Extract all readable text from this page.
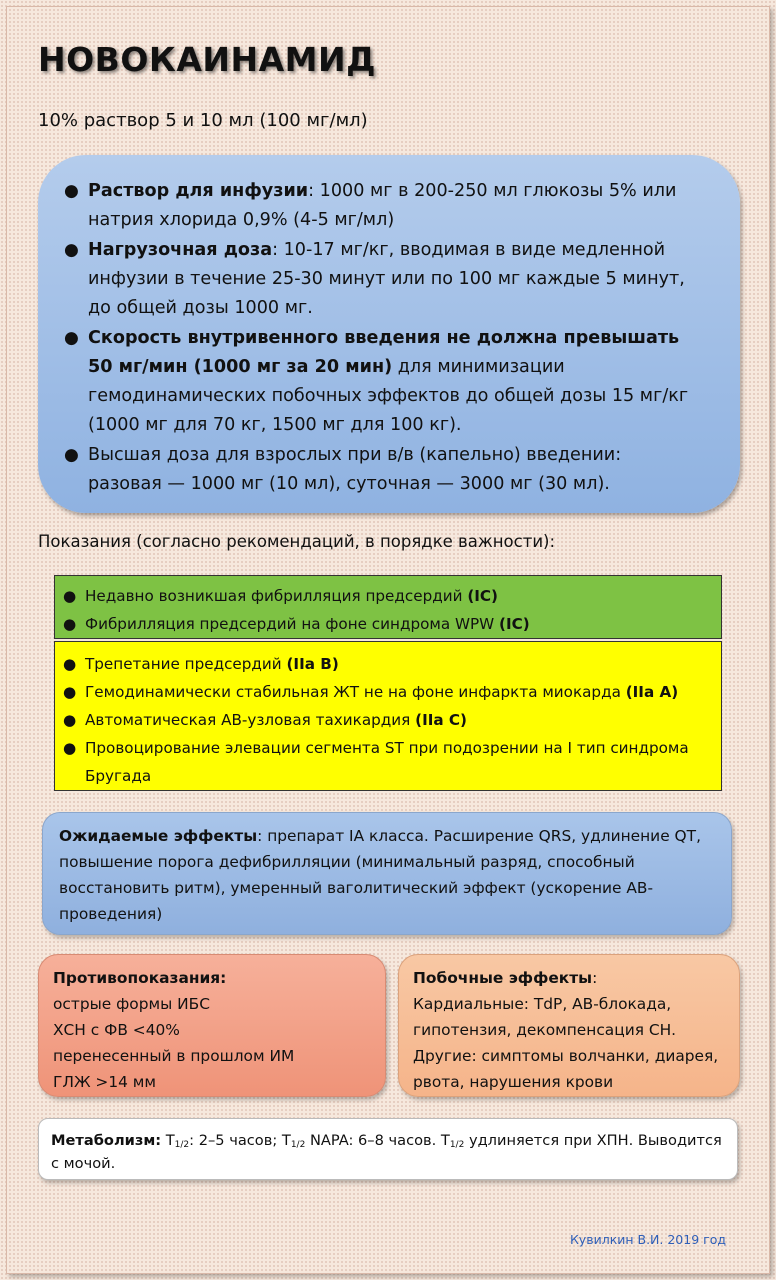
НОВОКАИНАМИД
10% раствор 5 и 10 мл (100 мг/мл)
● Раствор для инфузии: 1000 мг в 200-250 мл глюкозы 5% или натрия хлорида 0,9% (4-5 мг/мл)
● Нагрузочная доза: 10-17 мг/кг, вводимая в виде медленной инфузии в течение 25-30 минут или по 100 мг каждые 5 минут, до общей дозы 1000 мг.
● Скорость внутривенного введения не должна превышать 50 мг/мин (1000 мг за 20 мин) для минимизации гемодинамических побочных эффектов до общей дозы 15 мг/кг (1000 мг для 70 кг, 1500 мг для 100 кг).
● Высшая доза для взрослых при в/в (капельно) введении: разовая — 1000 мг (10 мл), суточная — 3000 мг (30 мл).
Показания (согласно рекомендаций, в порядке важности):
● Недавно возникшая фибрилляция предсердий (IC)
● Фибрилляция предсердий на фоне синдрома WPW (IC)
● Трепетание предсердий (IIa B)
● Гемодинамически стабильная ЖТ не на фоне инфаркта миокарда (IIa A)
● Автоматическая АВ-узловая тахикардия (IIa C)
● Провоцирование элевации сегмента ST при подозрении на I тип синдрома Бругада
Ожидаемые эффекты: препарат IA класса. Расширение QRS, удлинение QT, повышение порога дефибрилляции (минимальный разряд, способный восстановить ритм), умеренный ваголитический эффект (ускорение АВ-проведения)
Противопоказания:
острые формы ИБС
ХСН с ФВ <40%
перенесенный в прошлом ИМ
ГЛЖ >14 мм
Побочные эффекты:
Кардиальные: TdP, АВ-блокада, гипотензия, декомпенсация СН.
Другие: симптомы волчанки, диарея, рвота, нарушения крови
Метаболизм: $T_{1/2}$: 2–5 часов; $T_{1/2}$ NAPA: 6–8 часов. $T_{1/2}$ удлиняется при ХПН. Выводится с мочой.
Кувилкин В.И. 2019 год
